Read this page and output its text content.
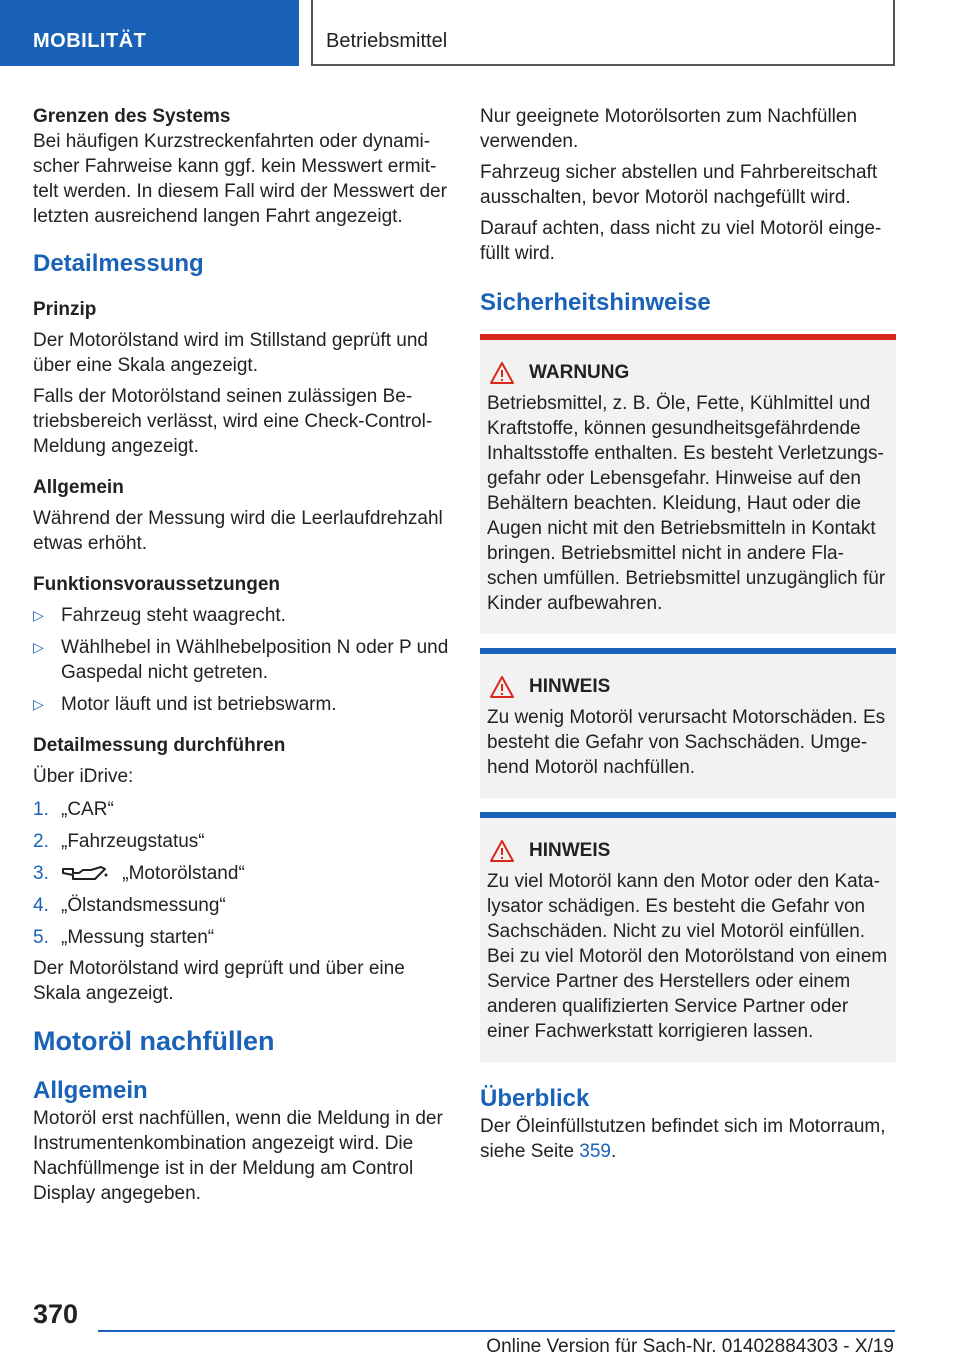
MOBILITÄT	Betriebsmittel

Grenzen des Systems

Bei häufigen Kurzstreckenfahrten oder dynamischer Fahrweise kann ggf. kein Messwert ermittelt werden. In diesem Fall wird der Messwert der letzten ausreichend langen Fahrt angezeigt.

Detailmessung

Prinzip

Der Motorölstand wird im Stillstand geprüft und über eine Skala angezeigt.

Falls der Motorölstand seinen zulässigen Betriebsbereich verlässt, wird eine Check-Control-Meldung angezeigt.

Allgemein

Während der Messung wird die Leerlaufdrehzahl etwas erhöht.

Funktionsvoraussetzungen

▷ Fahrzeug steht waagrecht.
▷ Wählhebel in Wählhebelposition N oder P und Gaspedal nicht getreten.
▷ Motor läuft und ist betriebswarm.

Detailmessung durchführen

Über iDrive:

1. „CAR“
2. „Fahrzeugstatus“
3.	„Motorölstand“
4. „Ölstandsmessung“
5. „Messung starten“

Der Motorölstand wird geprüft und über eine Skala angezeigt.

Motoröl nachfüllen

Allgemein

Motoröl erst nachfüllen, wenn die Meldung in der Instrumentenkombination angezeigt wird. Die Nachfüllmenge ist in der Meldung am Control Display angegeben.

Nur geeignete Motorölsorten zum Nachfüllen verwenden.

Fahrzeug sicher abstellen und Fahrbereitschaft ausschalten, bevor Motoröl nachgefüllt wird.

Darauf achten, dass nicht zu viel Motoröl eingefüllt wird.

Sicherheitshinweise

WARNUNG

Betriebsmittel, z. B. Öle, Fette, Kühlmittel und Kraftstoffe, können gesundheitsgefährdende Inhaltsstoffe enthalten. Es besteht Verletzungsgefahr oder Lebensgefahr. Hinweise auf den Behältern beachten. Kleidung, Haut oder die Augen nicht mit den Betriebsmitteln in Kontakt bringen. Betriebsmittel nicht in andere Flaschen umfüllen. Betriebsmittel unzugänglich für Kinder aufbewahren.

HINWEIS

Zu wenig Motoröl verursacht Motorschäden. Es besteht die Gefahr von Sachschäden. Umgehend Motoröl nachfüllen.

HINWEIS

Zu viel Motoröl kann den Motor oder den Katalysator schädigen. Es besteht die Gefahr von Sachschäden. Nicht zu viel Motoröl einfüllen. Bei zu viel Motoröl den Motorölstand von einem Service Partner des Herstellers oder einem anderen qualifizierten Service Partner oder einer Fachwerkstatt korrigieren lassen.

Überblick

Der Öleinfüllstutzen befindet sich im Motorraum, siehe Seite 359.

370
Online Version für Sach-Nr. 01402884303 - X/19
